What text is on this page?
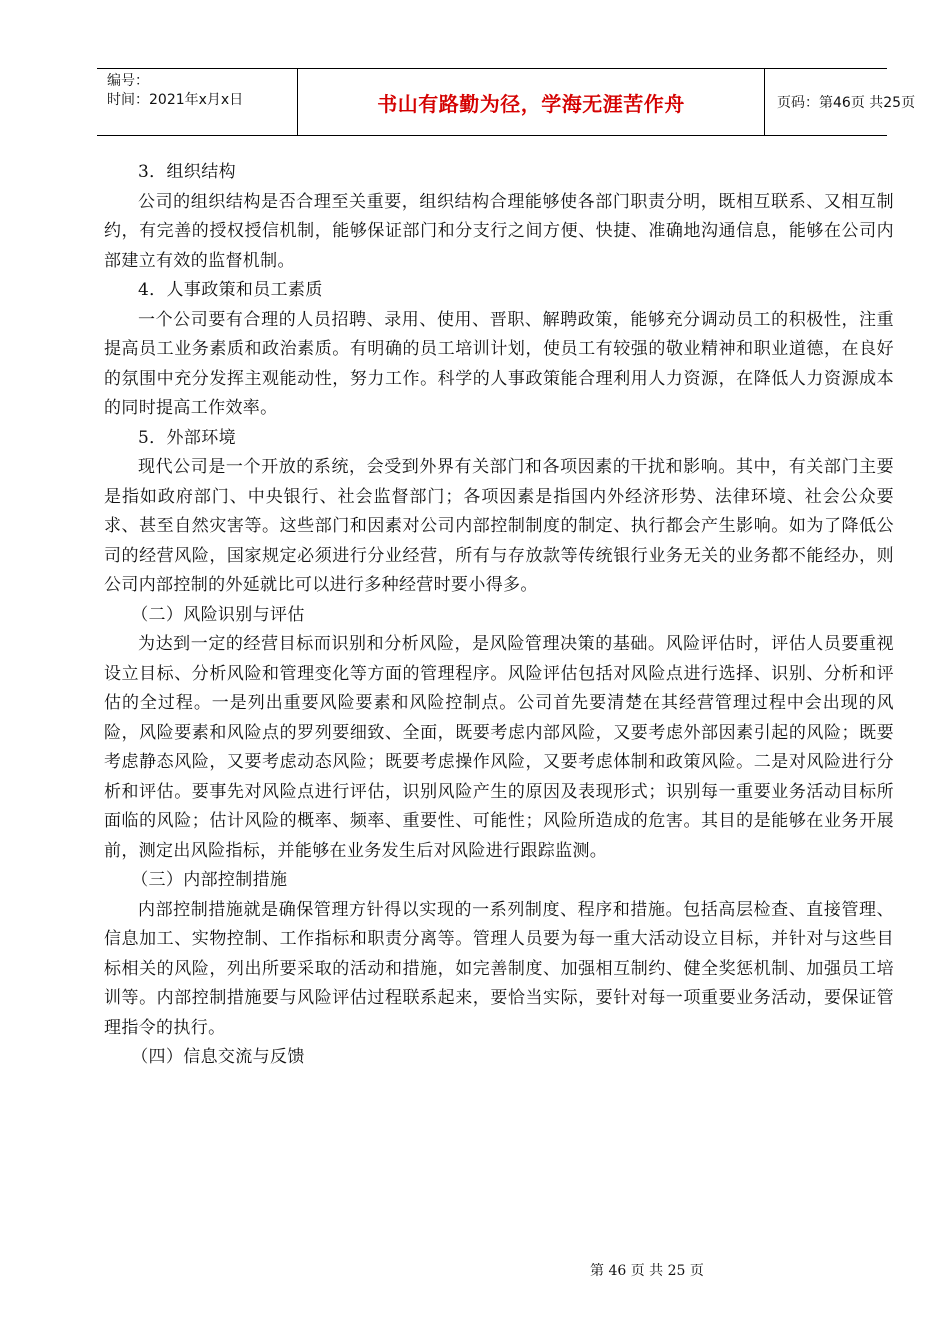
编号：
时间：2021年x月x日	书山有路勤为径，学海无涯苦作舟	页码：第46页 共25页

3．组织结构

公司的组织结构是否合理至关重要，组织结构合理能够使各部门职责分明，既相互联系、又相互制约，有完善的授权授信机制，能够保证部门和分支行之间方便、快捷、准确地沟通信息，能够在公司内部建立有效的监督机制。

4．人事政策和员工素质

一个公司要有合理的人员招聘、录用、使用、晋职、解聘政策，能够充分调动员工的积极性，注重提高员工业务素质和政治素质。有明确的员工培训计划，使员工有较强的敬业精神和职业道德，在良好的氛围中充分发挥主观能动性，努力工作。科学的人事政策能合理利用人力资源，在降低人力资源成本的同时提高工作效率。

5．外部环境

现代公司是一个开放的系统，会受到外界有关部门和各项因素的干扰和影响。其中，有关部门主要是指如政府部门、中央银行、社会监督部门；各项因素是指国内外经济形势、法律环境、社会公众要求、甚至自然灾害等。这些部门和因素对公司内部控制制度的制定、执行都会产生影响。如为了降低公司的经营风险，国家规定必须进行分业经营，所有与存放款等传统银行业务无关的业务都不能经办，则公司内部控制的外延就比可以进行多种经营时要小得多。

（二）风险识别与评估

为达到一定的经营目标而识别和分析风险，是风险管理决策的基础。风险评估时，评估人员要重视设立目标、分析风险和管理变化等方面的管理程序。风险评估包括对风险点进行选择、识别、分析和评估的全过程。一是列出重要风险要素和风险控制点。公司首先要清楚在其经营管理过程中会出现的风险，风险要素和风险点的罗列要细致、全面，既要考虑内部风险，又要考虑外部因素引起的风险；既要考虑静态风险，又要考虑动态风险；既要考虑操作风险，又要考虑体制和政策风险。二是对风险进行分析和评估。要事先对风险点进行评估，识别风险产生的原因及表现形式；识别每一重要业务活动目标所面临的风险；估计风险的概率、频率、重要性、可能性；风险所造成的危害。其目的是能够在业务开展前，测定出风险指标，并能够在业务发生后对风险进行跟踪监测。

（三）内部控制措施

内部控制措施就是确保管理方针得以实现的一系列制度、程序和措施。包括高层检查、直接管理、信息加工、实物控制、工作指标和职责分离等。管理人员要为每一重大活动设立目标，并针对与这些目标相关的风险，列出所要采取的活动和措施，如完善制度、加强相互制约、健全奖惩机制、加强员工培训等。内部控制措施要与风险评估过程联系起来，要恰当实际，要针对每一项重要业务活动，要保证管理指令的执行。

（四）信息交流与反馈

第 46 页 共 25 页
